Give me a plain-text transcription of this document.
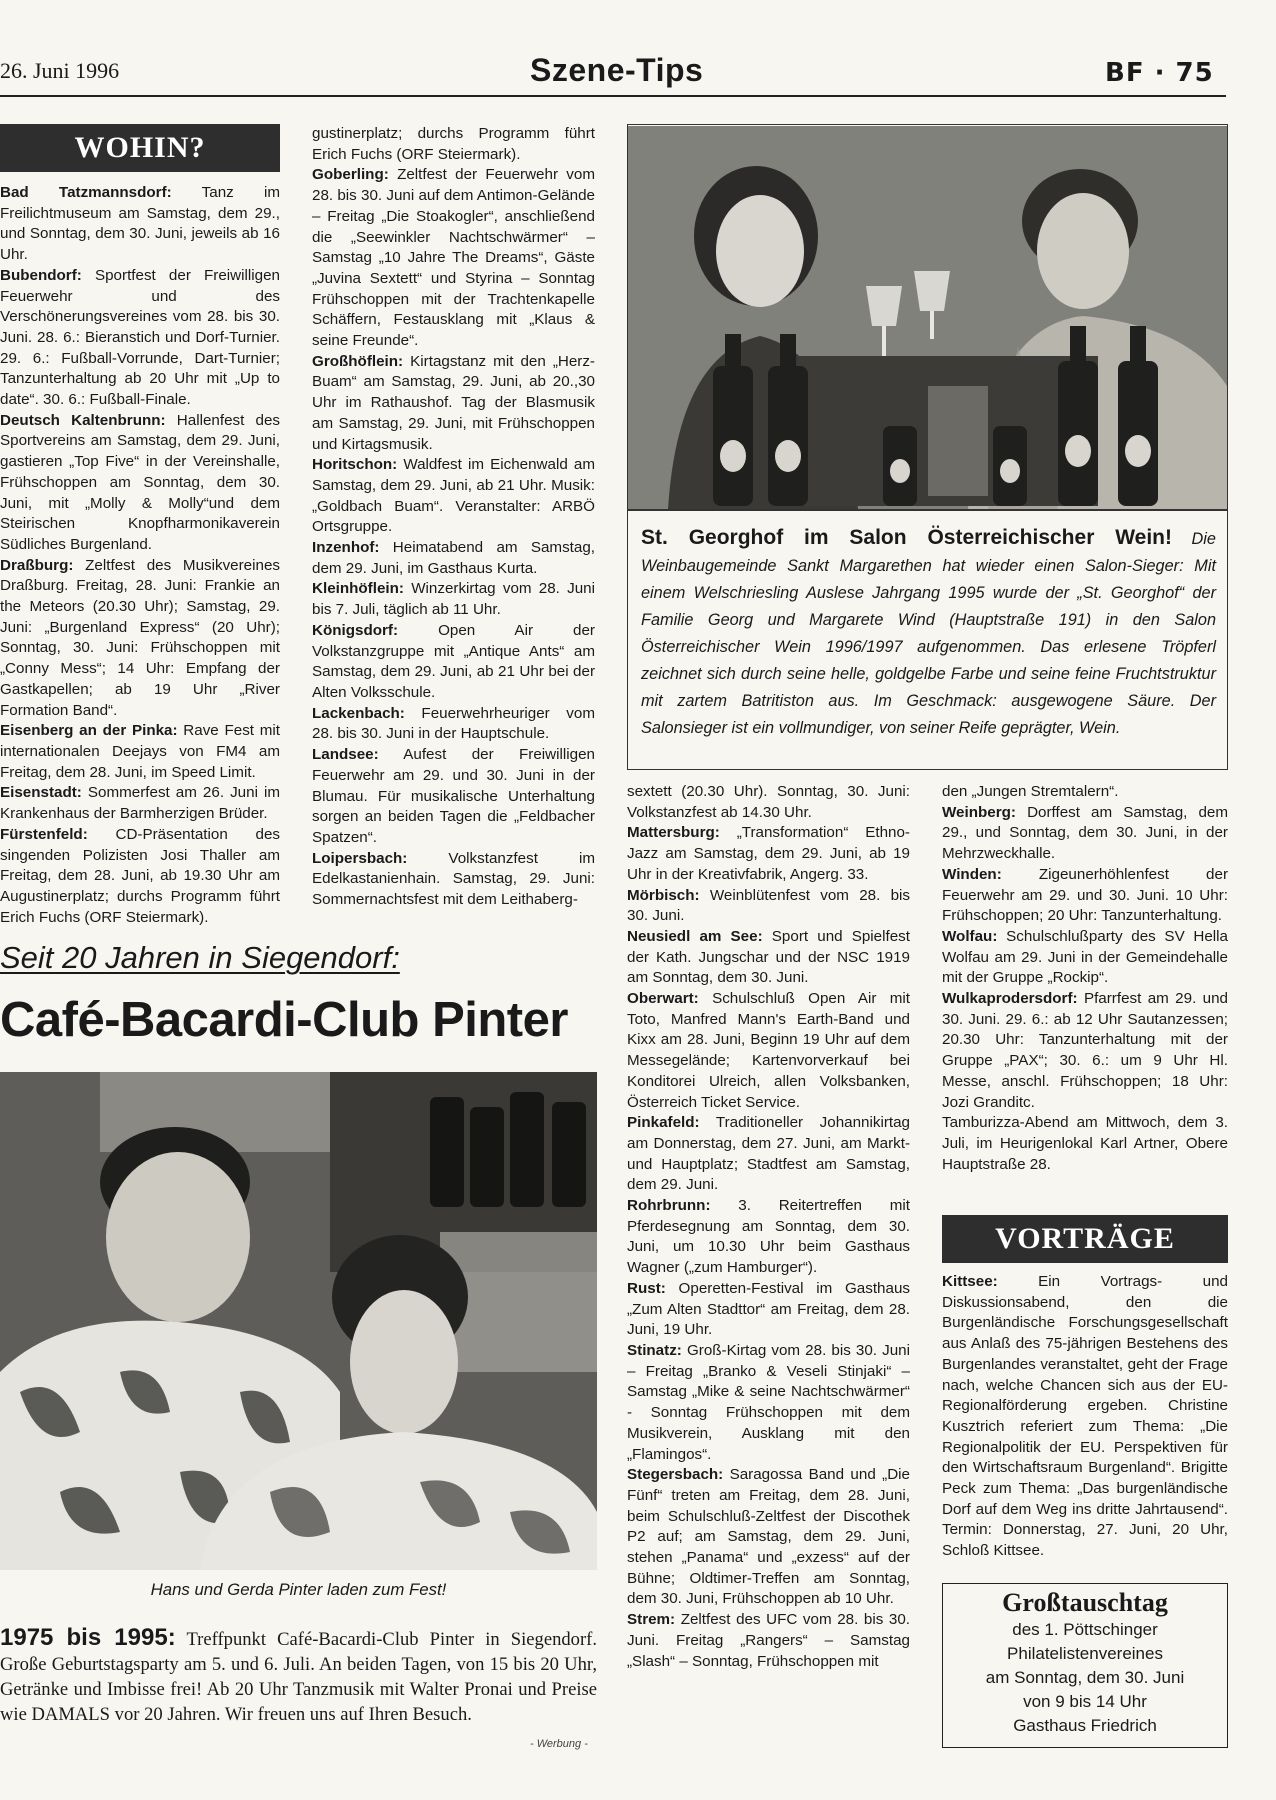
26. Juni 1996	Szene-Tips	BF · 75
WOHIN?

Bad Tatzmannsdorf: Tanz im Freilichtmuseum am Samstag, dem 29., und Sonntag, dem 30. Juni, jeweils ab 16 Uhr.

Bubendorf: Sportfest der Freiwilligen Feuerwehr und des Verschönerungsvereines vom 28. bis 30. Juni. 28. 6.: Bieranstich und Dorf-Turnier. 29. 6.: Fußball-Vorrunde, Dart-Turnier; Tanzunterhaltung ab 20 Uhr mit „Up to date“. 30. 6.: Fußball-Finale.

Deutsch Kaltenbrunn: Hallenfest des Sportvereins am Samstag, dem 29. Juni, gastieren „Top Five“ in der Vereinshalle, Frühschoppen am Sonntag, dem 30. Juni, mit „Molly & Molly“und dem Steirischen Knopfharmonikaverein Südliches Burgenland.

Draßburg: Zeltfest des Musikvereines Draßburg. Freitag, 28. Juni: Frankie an the Meteors (20.30 Uhr); Samstag, 29. Juni: „Burgenland Express“ (20 Uhr); Sonntag, 30. Juni: Frühschoppen mit „Conny Mess“; 14 Uhr: Empfang der Gastkapellen; ab 19 Uhr „River Formation Band“.

Eisenberg an der Pinka: Rave Fest mit internationalen Deejays von FM4 am Freitag, dem 28. Juni, im Speed Limit.

Eisenstadt: Sommerfest am 26. Juni im Krankenhaus der Barmherzigen Brüder.

Fürstenfeld: CD-Präsentation des singenden Polizisten Josi Thaller am Freitag, dem 28. Juni, ab 19.30 Uhr am Augustinerplatz; durchs Programm führt Erich Fuchs (ORF Steiermark).

gustinerplatz; durchs Programm führt Erich Fuchs (ORF Steiermark).

Goberling: Zeltfest der Feuerwehr vom 28. bis 30. Juni auf dem Antimon-Gelände – Freitag „Die Stoakogler“, anschließend die „Seewinkler Nachtschwärmer“ – Samstag „10 Jahre The Dreams“, Gäste „Juvina Sextett“ und Styrina – Sonntag Frühschoppen mit der Trachtenkapelle Schäffern, Festausklang mit „Klaus & seine Freunde“.

Großhöflein: Kirtagstanz mit den „Herz-Buam“ am Samstag, 29. Juni, ab 20.,30 Uhr im Rathaushof. Tag der Blasmusik am Samstag, 29. Juni, mit Frühschoppen und Kirtagsmusik.

Horitschon: Waldfest im Eichenwald am Samstag, dem 29. Juni, ab 21 Uhr. Musik: „Goldbach Buam“. Veranstalter: ARBÖ Ortsgruppe.

Inzenhof: Heimatabend am Samstag, dem 29. Juni, im Gasthaus Kurta.

Kleinhöflein: Winzerkirtag vom 28. Juni bis 7. Juli, täglich ab 11 Uhr.

Königsdorf: Open Air der Volkstanzgruppe mit „Antique Ants“ am Samstag, dem 29. Juni, ab 21 Uhr bei der Alten Volksschule.

Lackenbach: Feuerwehrheuriger vom 28. bis 30. Juni in der Hauptschule.

Landsee: Aufest der Freiwilligen Feuerwehr am 29. und 30. Juni in der Blumau. Für musikalische Unterhaltung sorgen an beiden Tagen die „Feldbacher Spatzen“.

Loipersbach: Volkstanzfest im Edelkastanienhain. Samstag, 29. Juni: Sommernachtsfest mit dem Leithaberg-

St. Georghof im Salon Österreichischer Wein! Die Weinbaugemeinde Sankt Margarethen hat wieder einen Salon-Sieger: Mit einem Welschriesling Auslese Jahrgang 1995 wurde der „St. Georghof“ der Familie Georg und Margarete Wind (Hauptstraße 191) in den Salon Österreichischer Wein 1996/1997 aufgenommen. Das erlesene Tröpferl zeichnet sich durch seine helle, goldgelbe Farbe und seine feine Fruchtstruktur mit zartem Batritiston aus. Im Geschmack: ausgewogene Säure. Der Salonsieger ist ein vollmundiger, von seiner Reife geprägter, Wein.
Seit 20 Jahren in Siegendorf:
Café-Bacardi-Club Pinter
Hans und Gerda Pinter laden zum Fest!
1975 bis 1995: Treffpunkt Café-Bacardi-Club Pinter in Siegendorf. Große Geburtstagsparty am 5. und 6. Juli. An beiden Tagen, von 15 bis 20 Uhr, Getränke und Imbisse frei! Ab 20 Uhr Tanzmusik mit Walter Pronai und Preise wie DAMALS vor 20 Jahren. Wir freuen uns auf Ihren Besuch.
- Werbung -

sextett (20.30 Uhr). Sonntag, 30. Juni: Volkstanzfest ab 14.30 Uhr.

Mattersburg: „Transformation“ Ethno-Jazz am Samstag, dem 29. Juni, ab 19 Uhr in der Kreativfabrik, Angerg. 33.

Mörbisch: Weinblütenfest vom 28. bis 30. Juni.

Neusiedl am See: Sport und Spielfest der Kath. Jungschar und der NSC 1919 am Sonntag, dem 30. Juni.

Oberwart: Schulschluß Open Air mit Toto, Manfred Mann's Earth-Band und Kixx am 28. Juni, Beginn 19 Uhr auf dem Messegelände; Kartenvorverkauf bei Konditorei Ulreich, allen Volksbanken, Österreich Ticket Service.

Pinkafeld: Traditioneller Johannikirtag am Donnerstag, dem 27. Juni, am Markt- und Hauptplatz; Stadtfest am Samstag, dem 29. Juni.

Rohrbrunn: 3. Reitertreffen mit Pferdesegnung am Sonntag, dem 30. Juni, um 10.30 Uhr beim Gasthaus Wagner („zum Hamburger“).

Rust: Operetten-Festival im Gasthaus „Zum Alten Stadttor“ am Freitag, dem 28. Juni, 19 Uhr.

Stinatz: Groß-Kirtag vom 28. bis 30. Juni – Freitag „Branko & Veseli Stinjaki“ – Samstag „Mike & seine Nachtschwärmer“ - Sonntag Frühschoppen mit dem Musikverein, Ausklang mit den „Flamingos“.

Stegersbach: Saragossa Band und „Die Fünf“ treten am Freitag, dem 28. Juni, beim Schulschluß-Zeltfest der Discothek P2 auf; am Samstag, dem 29. Juni, stehen „Panama“ und „exzess“ auf der Bühne; Oldtimer-Treffen am Sonntag, dem 30. Juni, Frühschoppen ab 10 Uhr.

Strem: Zeltfest des UFC vom 28. bis 30. Juni. Freitag „Rangers“ – Samstag „Slash“ – Sonntag, Frühschoppen mit

den „Jungen Stremtalern“.

Weinberg: Dorffest am Samstag, dem 29., und Sonntag, dem 30. Juni, in der Mehrzweckhalle.

Winden: Zigeunerhöhlenfest der Feuerwehr am 29. und 30. Juni. 10 Uhr: Frühschoppen; 20 Uhr: Tanzunterhaltung.

Wolfau: Schulschlußparty des SV Hella Wolfau am 29. Juni in der Gemeindehalle mit der Gruppe „Rockip“.

Wulkaprodersdorf: Pfarrfest am 29. und 30. Juni. 29. 6.: ab 12 Uhr Sautanzessen; 20.30 Uhr: Tanzunterhaltung mit der Gruppe „PAX“; 30. 6.: um 9 Uhr Hl. Messe, anschl. Frühschoppen; 18 Uhr: Jozi Granditc.

Tamburizza-Abend am Mittwoch, dem 3. Juli, im Heurigenlokal Karl Artner, Obere Hauptstraße 28.

VORTRÄGE

Kittsee: Ein Vortrags- und Diskussionsabend, den die Burgenländische Forschungsgesellschaft aus Anlaß des 75-jährigen Bestehens des Burgenlandes veranstaltet, geht der Frage nach, welche Chancen sich aus der EU-Regionalförderung ergeben. Christine Kusztrich referiert zum Thema: „Die Regionalpolitik der EU. Perspektiven für den Wirtschaftsraum Burgenland“. Brigitte Peck zum Thema: „Das burgenländische Dorf auf dem Weg ins dritte Jahrtausend“. Termin: Donnerstag, 27. Juni, 20 Uhr, Schloß Kittsee.

Großtauschtag
des 1. Pöttschinger
Philatelistenvereines
am Sonntag, dem 30. Juni
von 9 bis 14 Uhr
Gasthaus Friedrich
